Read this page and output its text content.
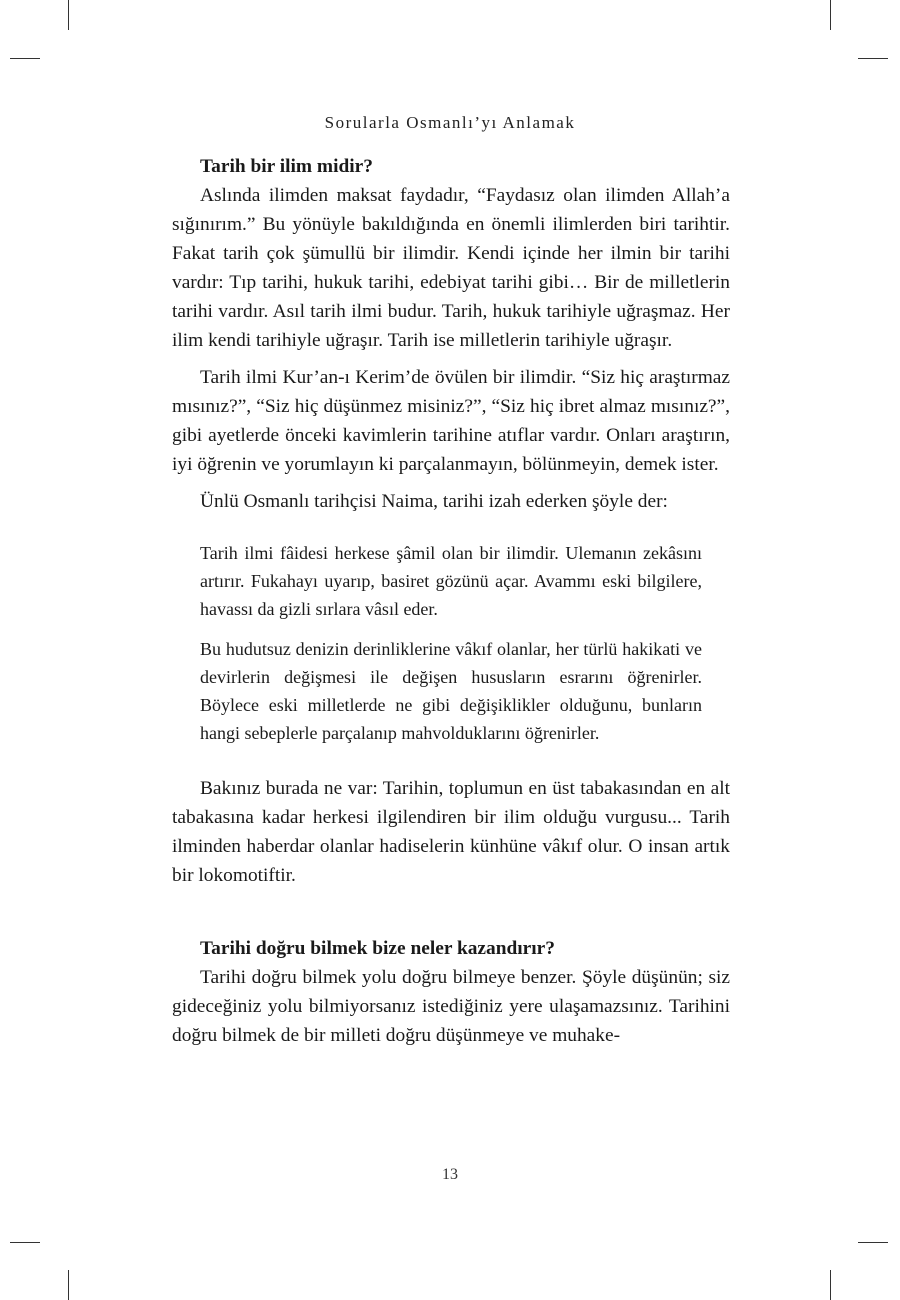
Sorularla Osmanlı’yı Anlamak

Tarih bir ilim midir?

Aslında ilimden maksat faydadır, “Faydasız olan ilimden Allah’a sığınırım.” Bu yönüyle bakıldığında en önemli ilimlerden biri tarihtir. Fakat tarih çok şümullü bir ilimdir. Kendi içinde her ilmin bir tarihi vardır: Tıp tarihi, hukuk tarihi, edebiyat tarihi gibi… Bir de milletlerin tarihi vardır. Asıl tarih ilmi budur. Tarih, hukuk tarihiyle uğraşmaz. Her ilim kendi tarihiyle uğraşır. Tarih ise milletlerin tarihiyle uğraşır.

Tarih ilmi Kur’an-ı Kerim’de övülen bir ilimdir. “Siz hiç araştırmaz mısınız?”, “Siz hiç düşünmez misiniz?”, “Siz hiç ibret almaz mısınız?”, gibi ayetlerde önceki kavimlerin tarihine atıflar vardır. Onları araştırın, iyi öğrenin ve yorumlayın ki parçalanmayın, bölünmeyin, demek ister.

Ünlü Osmanlı tarihçisi Naima, tarihi izah ederken şöyle der:

Tarih ilmi fâidesi herkese şâmil olan bir ilimdir. Ulemanın zekâsını artırır. Fukahayı uyarıp, basiret gözünü açar. Avammı eski bilgilere, havassı da gizli sırlara vâsıl eder.

Bu hudutsuz denizin derinliklerine vâkıf olanlar, her türlü hakikati ve devirlerin değişmesi ile değişen hususların esrarını öğrenirler. Böylece eski milletlerde ne gibi değişiklikler olduğunu, bunların hangi sebeplerle parçalanıp mahvolduklarını öğrenirler.

Bakınız burada ne var: Tarihin, toplumun en üst tabakasından en alt tabakasına kadar herkesi ilgilendiren bir ilim olduğu vurgusu... Tarih ilminden haberdar olanlar hadiselerin künhüne vâkıf olur. O insan artık bir lokomotiftir.

Tarihi doğru bilmek bize neler kazandırır?

Tarihi doğru bilmek yolu doğru bilmeye benzer. Şöyle düşünün; siz gideceğiniz yolu bilmiyorsanız istediğiniz yere ulaşamazsınız. Tarihini doğru bilmek de bir milleti doğru düşünmeye ve muhake-

13
